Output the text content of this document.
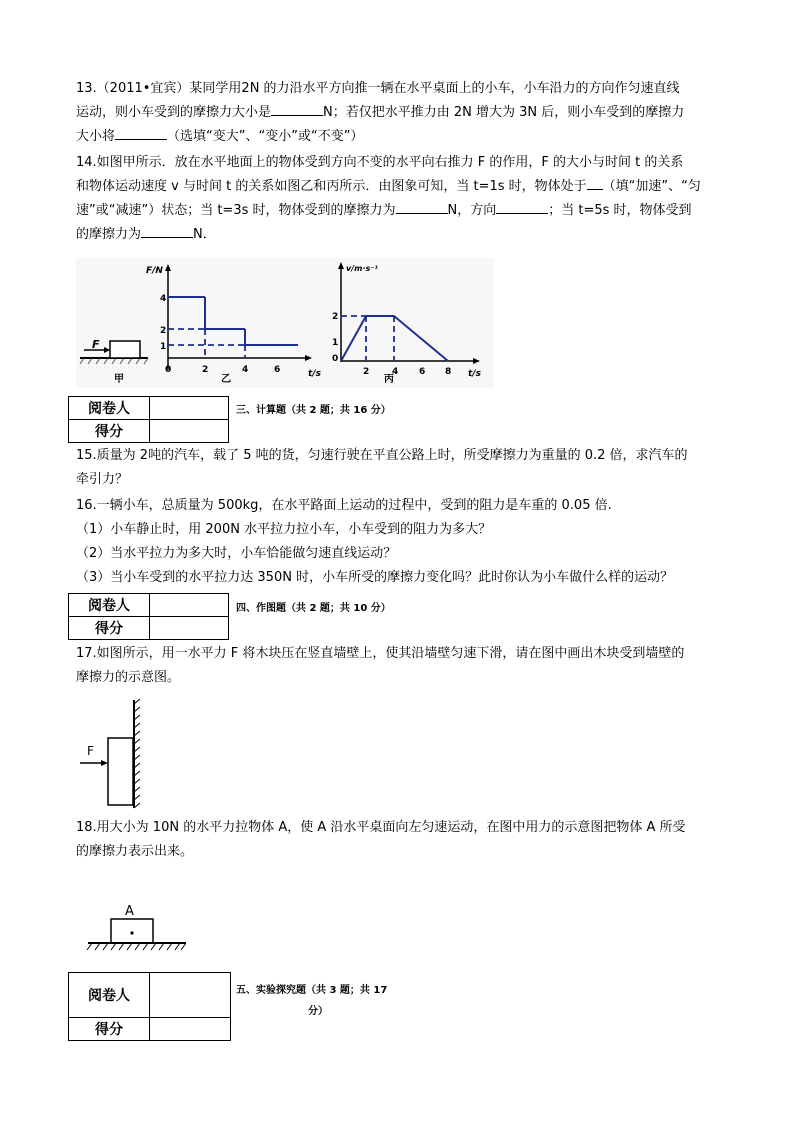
13.（2011•宜宾）某同学用2N 的力沿水平方向推一辆在水平桌面上的小车，小车沿力的方向作匀速直线
运动，则小车受到的摩擦力大小是	N；若仅把水平推力由 2N 增大为 3N 后，则小车受到的摩擦力
大小将	（选填“变大”、“变小”或“不变”）
14.如图甲所示．放在水平地面上的物体受到方向不变的水平向右推力 F 的作用，F 的大小与时间 t 的关系
和物体运动速度 v 与时间 t 的关系如图乙和丙所示．由图象可知，当 t=1s 时，物体处于 （填“加速”、“匀
速”或“减速”）状态；当 t=3s 时，物体受到的摩擦力为	N，方向	；当 t=5s 时，物体受到
的摩擦力为	N．
F
甲
F/N
t/s
1
2
4
0	2	4	6
乙
v/m·s⁻¹
t/s
2
1
0
2	4 6 8
丙
阅卷人	
得分	
三、计算题（共 2 题；共 16 分）
15.质量为 2吨的汽车，载了 5 吨的货，匀速行驶在平直公路上时，所受摩擦力为重量的 0.2 倍，求汽车的
牵引力？
16.一辆小车，总质量为 500kg，在水平路面上运动的过程中，受到的阻力是车重的 0.05 倍.
（1）小车静止时，用 200N 水平拉力拉小车，小车受到的阻力为多大？
（2）当水平拉力为多大时，小车恰能做匀速直线运动？
（3）当小车受到的水平拉力达 350N 时，小车所受的摩擦力变化吗？此时你认为小车做什么样的运动？
阅卷人	
得分	
四、作图题（共 2 题；共 10 分）
17.如图所示，用一水平力 F 将木块压在竖直墙壁上，使其沿墙壁匀速下滑，请在图中画出木块受到墙壁的
摩擦力的示意图。
F
18.用大小为 10N 的水平力拉物体 A，使 A 沿水平桌面向左匀速运动，在图中用力的示意图把物体 A 所受
的摩擦力表示出来。
A
阅卷人	
得分	
五、实验探究题（共 3 题；共 17
分）
